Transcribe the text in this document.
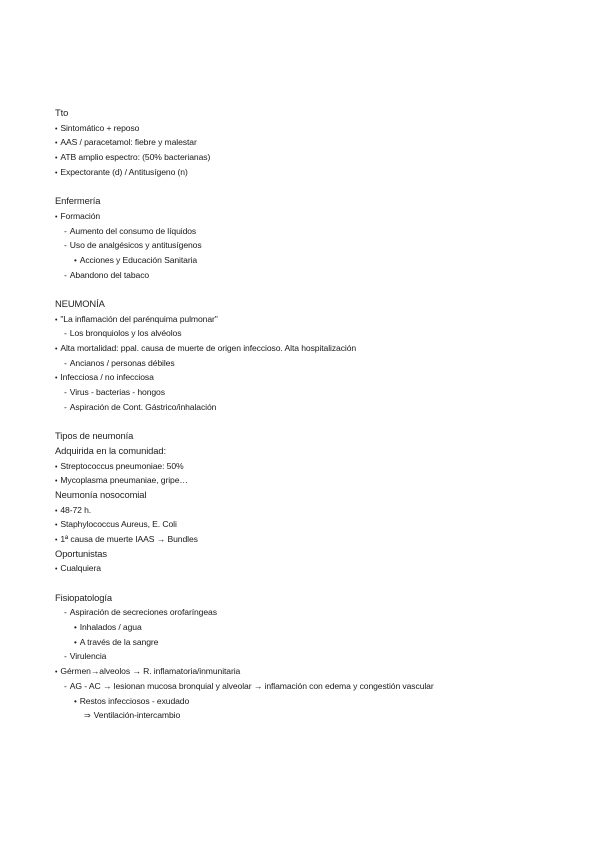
Tto
•Sintomático + reposo
•AAS / paracetamol: fiebre y malestar
•ATB amplio espectro: (50% bacterianas)
•Expectorante (d) / Antitusígeno (n)
Enfermería
•Formación
-Aumento del consumo de líquidos
-Uso de analgésicos y antitusígenos
•Acciones y Educación Sanitaria
-Abandono del tabaco
NEUMONÍA
•"La inflamación del parénquima pulmonar"
-Los bronquiolos y los alvéolos
•Alta mortalidad: ppal. causa de muerte de origen infeccioso. Alta hospitalización
-Ancianos / personas débiles
•Infecciosa / no infecciosa
-Virus - bacterias - hongos
-Aspiración de Cont. Gástrico/inhalación
Tipos de neumonía
Adquirida en la comunidad:
•Streptococcus pneumoniae: 50%
•Mycoplasma pneumaniae, gripe…
Neumonía nosocomial
•48-72 h.
•Staphylococcus Aureus, E. Coli
•1ª causa de muerte IAAS → Bundles
Oportunistas
•Cualquiera
Fisiopatología
-Aspiración de secreciones orofaríngeas
•Inhalados / agua
•A través de la sangre
-Virulencia
•Gérmen→alveolos → R. inflamatoria/inmunitaria
-AG - AC → lesionan mucosa bronquial y alveolar → inflamación con edema y congestión vascular
•Restos infecciosos - exudado
⇒Ventilación-intercambio
